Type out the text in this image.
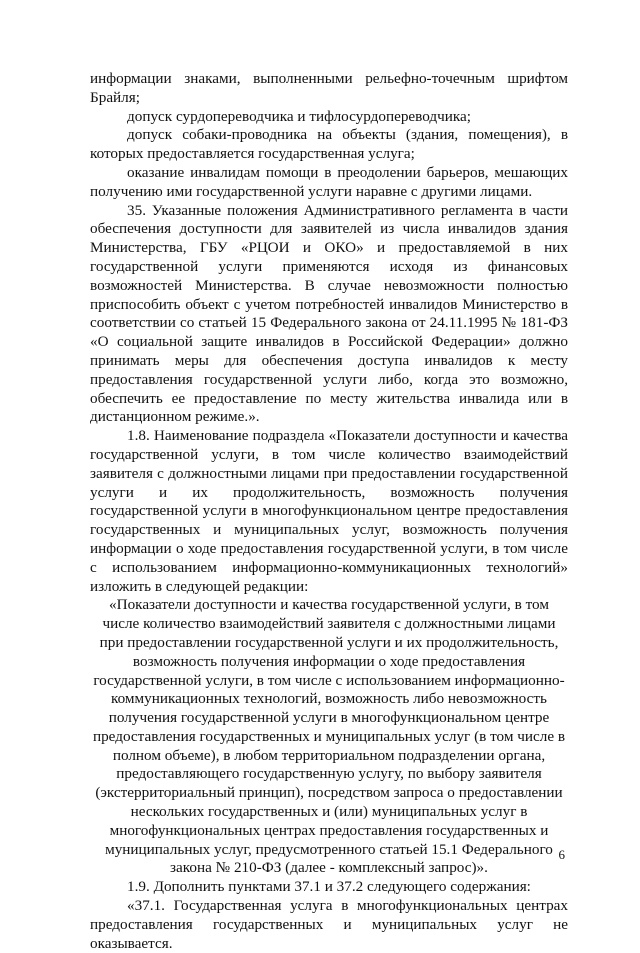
информации знаками, выполненными рельефно-точечным шрифтом Брайля;

допуск сурдопереводчика и тифлосурдопереводчика;

допуск собаки-проводника на объекты (здания, помещения), в которых предоставляется государственная услуга;

оказание инвалидам помощи в преодолении барьеров, мешающих получению ими государственной услуги наравне с другими лицами.

35. Указанные положения Административного регламента в части обеспечения доступности для заявителей из числа инвалидов здания Министерства, ГБУ «РЦОИ и ОКО» и предоставляемой в них государственной услуги применяются исходя из финансовых возможностей Министерства. В случае невозможности полностью приспособить объект с учетом потребностей инвалидов Министерство в соответствии со статьей 15 Федерального закона от 24.11.1995 № 181-ФЗ «О социальной защите инвалидов в Российской Федерации» должно принимать меры для обеспечения доступа инвалидов к месту предоставления государственной услуги либо, когда это возможно, обеспечить ее предоставление по месту жительства инвалида или в дистанционном режиме.».

1.8. Наименование подраздела «Показатели доступности и качества государственной услуги, в том числе количество взаимодействий заявителя с должностными лицами при предоставлении государственной услуги и их продолжительность, возможность получения государственной услуги в многофункциональном центре предоставления государственных и муниципальных услуг, возможность получения информации о ходе предоставления государственной услуги, в том числе с использованием информационно-коммуникационных технологий» изложить в следующей редакции:

«Показатели доступности и качества государственной услуги, в том числе количество взаимодействий заявителя с должностными лицами при предоставлении государственной услуги и их продолжительность, возможность получения информации о ходе предоставления государственной услуги, в том числе с использованием информационно-коммуникационных технологий, возможность либо невозможность получения государственной услуги в многофункциональном центре предоставления государственных и муниципальных услуг (в том числе в полном объеме), в любом территориальном подразделении органа, предоставляющего государственную услугу, по выбору заявителя (экстерриториальный принцип), посредством запроса о предоставлении нескольких государственных и (или) муниципальных услуг в многофункциональных центрах предоставления государственных и муниципальных услуг, предусмотренного статьей 15.1 Федерального закона № 210-ФЗ (далее - комплексный запрос)».

1.9. Дополнить пунктами 37.1 и 37.2 следующего содержания:

«37.1. Государственная услуга в многофункциональных центрах предоставления государственных и муниципальных услуг не оказывается.

6
